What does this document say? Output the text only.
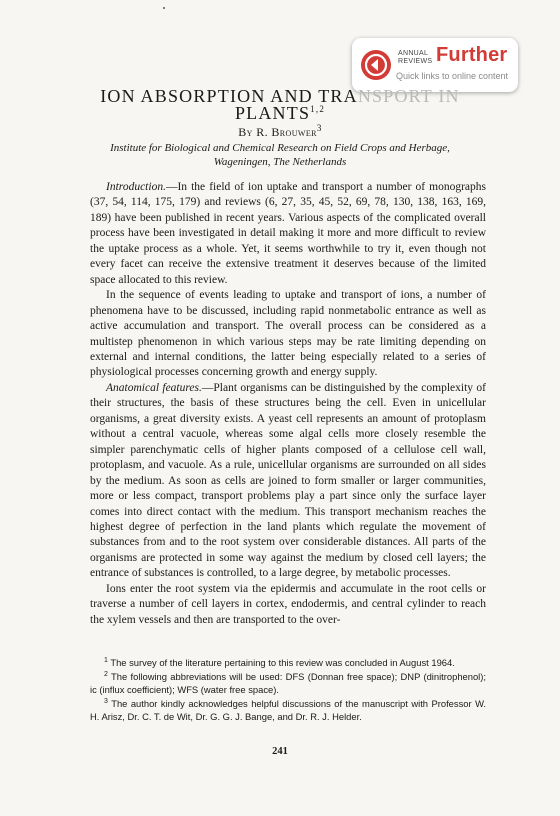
ANNUAL
REVIEWS Further
Quick links to online content
ION ABSORPTION AND TRANSPORT IN
PLANTS$^{1,2}$
By R. Brouwer$^3$
Institute for Biological and Chemical Research on Field Crops and Herbage,
Wageningen, The Netherlands

Introduction.—In the field of ion uptake and transport a number of monographs (37, 54, 114, 175, 179) and reviews (6, 27, 35, 45, 52, 69, 78, 130, 138, 163, 169, 189) have been published in recent years. Various aspects of the complicated overall process have been investigated in detail making it more and more difficult to review the uptake process as a whole. Yet, it seems worthwhile to try it, even though not every facet can receive the extensive treatment it deserves because of the limited space allocated to this review.

In the sequence of events leading to uptake and transport of ions, a number of phenomena have to be discussed, including rapid nonmetabolic entrance as well as active accumulation and transport. The overall process can be considered as a multistep phenomenon in which various steps may be rate limiting depending on external and internal conditions, the latter being especially related to a series of physiological processes concerning growth and energy supply.

Anatomical features.—Plant organisms can be distinguished by the complexity of their structures, the basis of these structures being the cell. Even in unicellular organisms, a great diversity exists. A yeast cell represents an amount of protoplasm without a central vacuole, whereas some algal cells more closely resemble the simpler parenchymatic cells of higher plants composed of a cellulose cell wall, protoplasm, and vacuole. As a rule, unicellular organisms are surrounded on all sides by the medium. As soon as cells are joined to form smaller or larger communities, more or less compact, transport problems play a part since only the surface layer comes into direct contact with the medium. This transport mechanism reaches the highest degree of perfection in the land plants which regulate the movement of substances from and to the root system over considerable distances. All parts of the organisms are protected in some way against the medium by closed cell layers; the entrance of substances is controlled, to a large degree, by metabolic processes.

Ions enter the root system via the epidermis and accumulate in the root cells or traverse a number of cell layers in cortex, endodermis, and central cylinder to reach the xylem vessels and then are transported to the over-

$^1$ The survey of the literature pertaining to this review was concluded in August 1964.

$^2$ The following abbreviations will be used: DFS (Donnan free space); DNP (dinitrophenol); ic (influx coefficient); WFS (water free space).

$^3$ The author kindly acknowledges helpful discussions of the manuscript with Professor W. H. Arisz, Dr. C. T. de Wit, Dr. G. G. J. Bange, and Dr. R. J. Helder.

241
